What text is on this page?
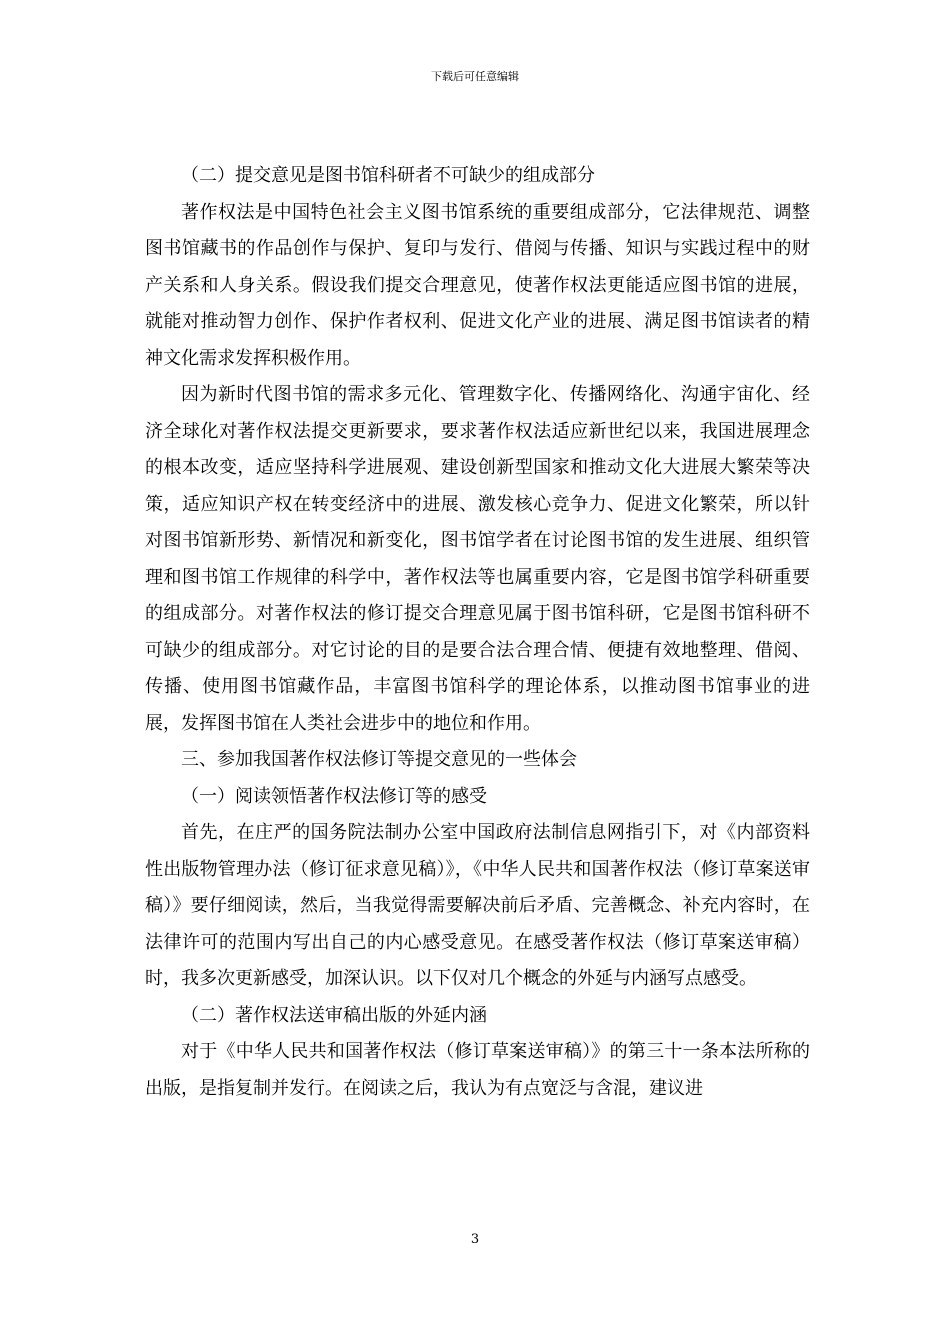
下载后可任意编辑

（二）提交意见是图书馆科研者不可缺少的组成部分

著作权法是中国特色社会主义图书馆系统的重要组成部分，它法律规范、调整图书馆藏书的作品创作与保护、复印与发行、借阅与传播、知识与实践过程中的财产关系和人身关系。假设我们提交合理意见，使著作权法更能适应图书馆的进展，就能对推动智力创作、保护作者权利、促进文化产业的进展、满足图书馆读者的精神文化需求发挥积极作用。

因为新时代图书馆的需求多元化、管理数字化、传播网络化、沟通宇宙化、经济全球化对著作权法提交更新要求，要求著作权法适应新世纪以来，我国进展理念的根本改变，适应坚持科学进展观、建设创新型国家和推动文化大进展大繁荣等决策，适应知识产权在转变经济中的进展、激发核心竞争力、促进文化繁荣，所以针对图书馆新形势、新情况和新变化，图书馆学者在讨论图书馆的发生进展、组织管理和图书馆工作规律的科学中，著作权法等也属重要内容，它是图书馆学科研重要的组成部分。对著作权法的修订提交合理意见属于图书馆科研，它是图书馆科研不可缺少的组成部分。对它讨论的目的是要合法合理合情、便捷有效地整理、借阅、传播、使用图书馆藏作品，丰富图书馆科学的理论体系，以推动图书馆事业的进展，发挥图书馆在人类社会进步中的地位和作用。

三、参加我国著作权法修订等提交意见的一些体会

（一）阅读领悟著作权法修订等的感受

首先，在庄严的国务院法制办公室中国政府法制信息网指引下，对《内部资料性出版物管理办法（修订征求意见稿）》，《中华人民共和国著作权法（修订草案送审稿）》要仔细阅读，然后，当我觉得需要解决前后矛盾、完善概念、补充内容时，在法律许可的范围内写出自己的内心感受意见。在感受著作权法（修订草案送审稿）时，我多次更新感受，加深认识。以下仅对几个概念的外延与内涵写点感受。

（二）著作权法送审稿出版的外延内涵

对于《中华人民共和国著作权法（修订草案送审稿）》的第三十一条本法所称的出版，是指复制并发行。在阅读之后，我认为有点宽泛与含混，建议进

3
